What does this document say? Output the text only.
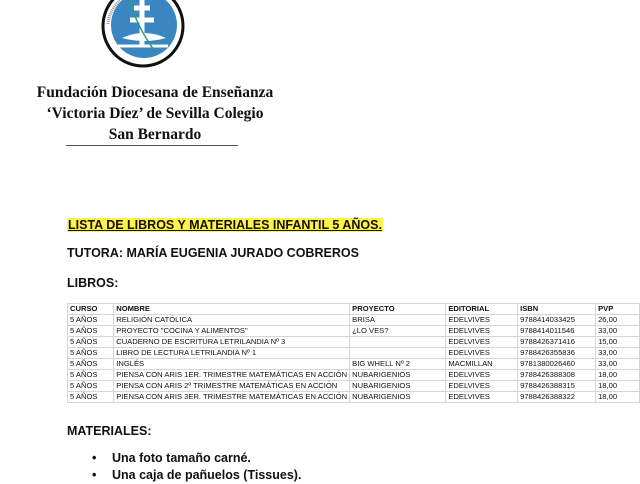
Fundación Diocesana de Enseñanza
‘Victoria Díez’ de Sevilla Colegio
San Bernardo
LISTA DE LIBROS Y MATERIALES INFANTIL 5 AÑOS.
TUTORA: MARÍA EUGENIA JURADO COBREROS
LIBROS:
CURSO	NOMBRE	PROYECTO	EDITORIAL	ISBN	PVP
5 AÑOS	RELIGIÓN CATÓLICA	BRISA	EDELVIVES	9788414033425	26,00
5 AÑOS	PROYECTO "COCINA Y ALIMENTOS"	¿LO VES?	EDELVIVES	9788414011546	33,00
5 AÑOS	CUADERNO DE ESCRITURA LETRILANDIA Nº 3		EDELVIVES	9788426371416	15,00
5 AÑOS	LIBRO DE LECTURA LETRILANDIA Nº 1		EDELVIVES	9788426355836	33,00
5 AÑOS	INGLÉS	BIG WHELL Nº 2	MACMILLAN	9781380026460	33,00
5 AÑOS	PIENSA CON ARIS 1ER. TRIMESTRE MATEMÁTICAS EN ACCIÓN	NUBARIGENIOS	EDELVIVES	9788426388308	18,00
5 AÑOS	PIENSA CON ARIS 2º TRIMESTRE MATEMÁTICAS EN ACCIÓN	NUBARIGENIOS	EDELVIVES	9788426388315	18,00
5 AÑOS	PIENSA CON ARIS 3ER. TRIMESTRE MATEMÁTICAS EN ACCIÓN	NUBARIGENIOS	EDELVIVES	9788426388322	18,00
MATERIALES:
• Una foto tamaño carné.
• Una caja de pañuelos (Tissues).
